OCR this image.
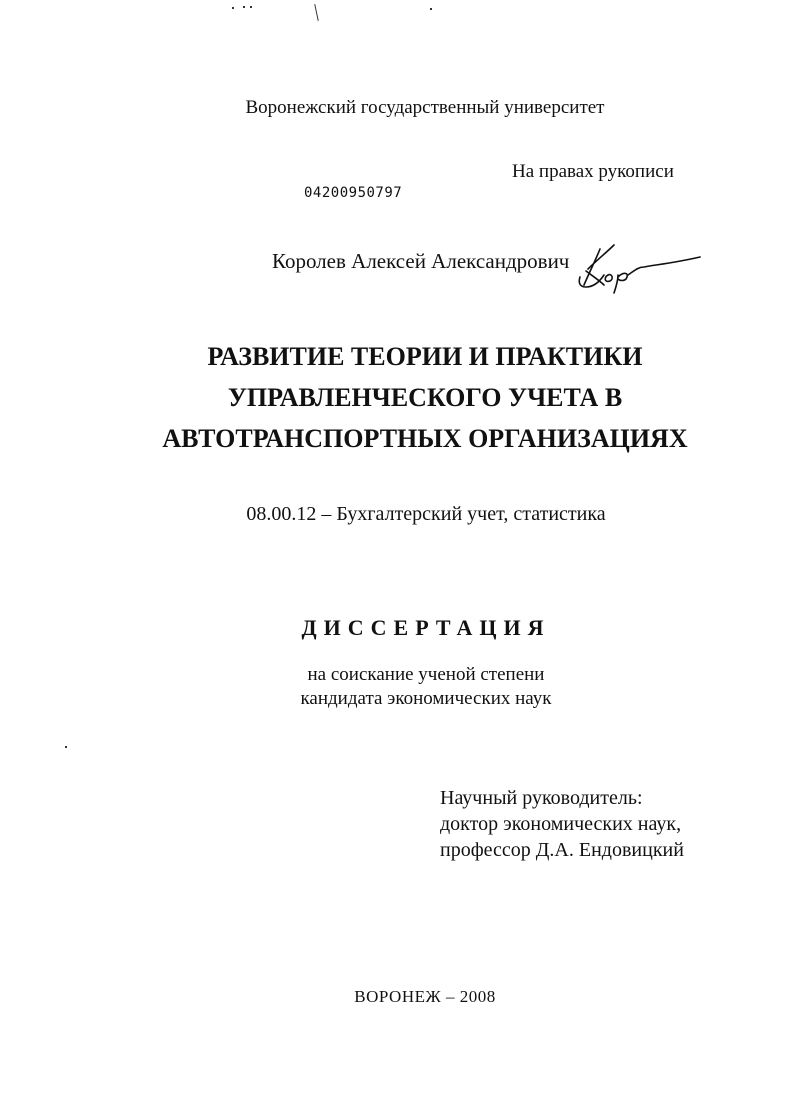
Воронежский государственный университет
На правах рукописи
04200950797
Королев Алексей Александрович
РАЗВИТИЕ ТЕОРИИ И ПРАКТИКИ
УПРАВЛЕНЧЕСКОГО УЧЕТА В
АВТОТРАНСПОРТНЫХ ОРГАНИЗАЦИЯХ
08.00.12 – Бухгалтерский учет, статистика
ДИССЕРТАЦИЯ
на соискание ученой степени
кандидата экономических наук
Научный руководитель:
доктор экономических наук,
профессор Д.А. Ендовицкий
ВОРОНЕЖ – 2008
